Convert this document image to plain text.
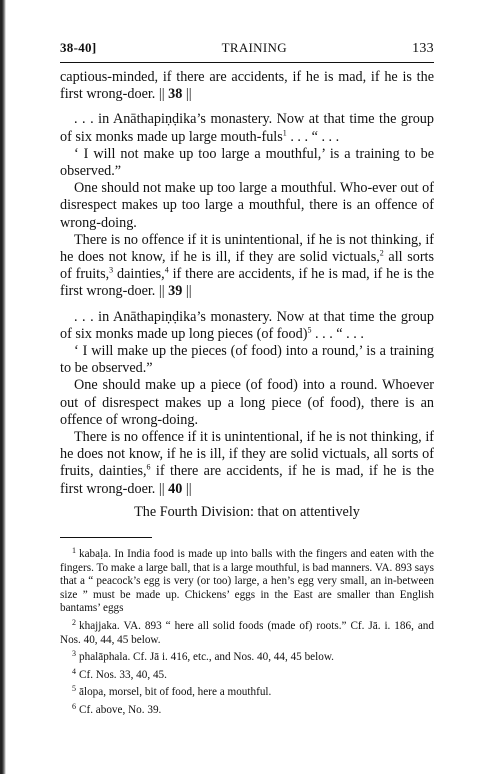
38-40]	TRAINING	133

captious-minded, if there are accidents, if he is mad, if he is the first wrong-doer. || 38 ||

. . . in Anāthapiṇḍika’s monastery. Now at that time the group of six monks made up large mouth-fuls$^1$ . . . “ . . .

‘ I will not make up too large a mouthful,’ is a training to be observed.”

One should not make up too large a mouthful. Who-ever out of disrespect makes up too large a mouthful, there is an offence of wrong-doing.

There is no offence if it is unintentional, if he is not thinking, if he does not know, if he is ill, if they are solid victuals,$^2$ all sorts of fruits,$^3$ dainties,$^4$ if there are accidents, if he is mad, if he is the first wrong-doer. || 39 ||

. . . in Anāthapiṇḍika’s monastery. Now at that time the group of six monks made up long pieces (of food)$^5$ . . . “ . . .

‘ I will make up the pieces (of food) into a round,’ is a training to be observed.”

One should make up a piece (of food) into a round. Whoever out of disrespect makes up a long piece (of food), there is an offence of wrong-doing.

There is no offence if it is unintentional, if he is not thinking, if he does not know, if he is ill, if they are solid victuals, all sorts of fruits, dainties,$^6$ if there are accidents, if he is mad, if he is the first wrong-doer. || 40 ||

The Fourth Division: that on attentively

$^1$ kabaḷa. In India food is made up into balls with the fingers and eaten with the fingers. To make a large ball, that is a large mouthful, is bad manners. VA. 893 says that a “ peacock’s egg is very (or too) large, a hen’s egg very small, an in-between size ” must be made up. Chickens’ eggs in the East are smaller than English bantams’ eggs

$^2$ khajjaka. VA. 893 “ here all solid foods (made of) roots.” Cf. Jā. i. 186, and Nos. 40, 44, 45 below.

$^3$ phalāphala. Cf. Jā i. 416, etc., and Nos. 40, 44, 45 below.

$^4$ Cf. Nos. 33, 40, 45.

$^5$ ālopa, morsel, bit of food, here a mouthful.

$^6$ Cf. above, No. 39.
